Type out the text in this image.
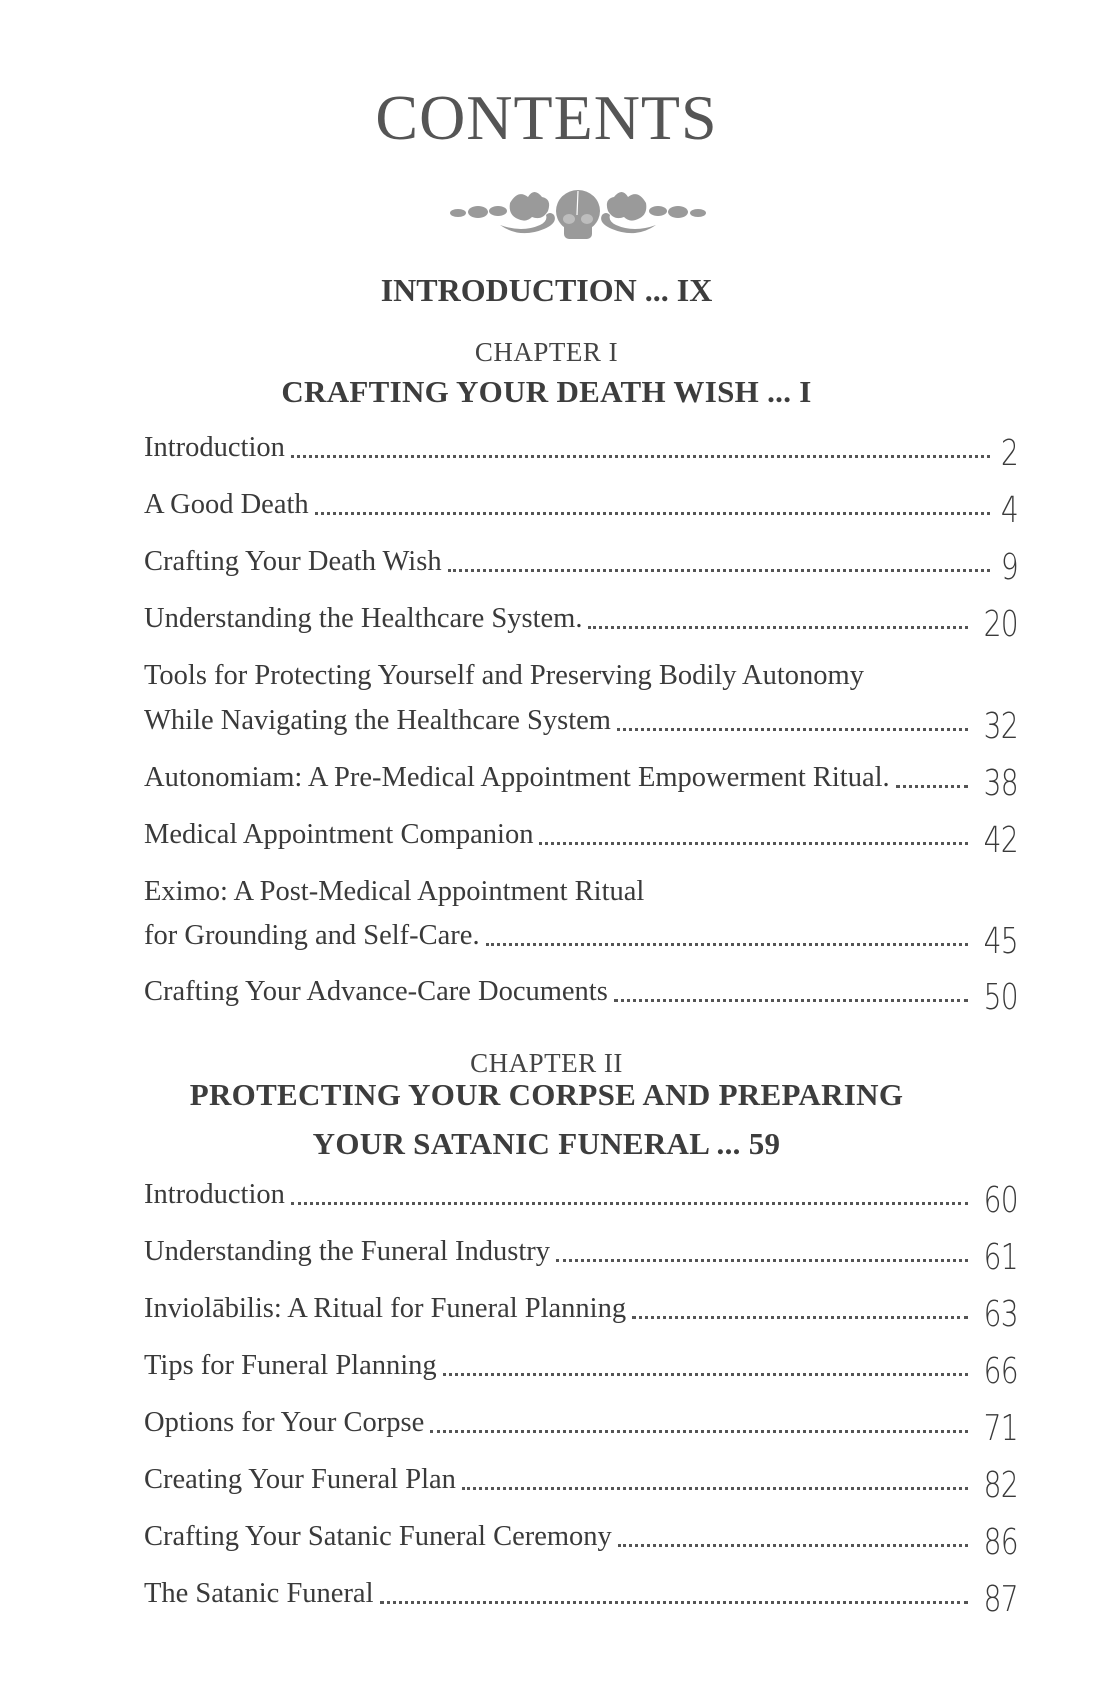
CONTENTS
INTRODUCTION ... IX
CHAPTER I
CRAFTING YOUR DEATH WISH ... I
Introduction	2
A Good Death	4
Crafting Your Death Wish	9
Understanding the Healthcare System.	20
Tools for Protecting Yourself and Preserving Bodily Autonomy
While Navigating the Healthcare System	32
Autonomiam: A Pre-Medical Appointment Empowerment Ritual.	38
Medical Appointment Companion	42
Eximo: A Post-Medical Appointment Ritual
for Grounding and Self-Care.	45
Crafting Your Advance-Care Documents	50
CHAPTER II
PROTECTING YOUR CORPSE AND PREPARING
YOUR SATANIC FUNERAL ... 59
Introduction	60
Understanding the Funeral Industry	61
Inviolābilis: A Ritual for Funeral Planning	63
Tips for Funeral Planning	66
Options for Your Corpse	71
Creating Your Funeral Plan	82
Crafting Your Satanic Funeral Ceremony	86
The Satanic Funeral	87
